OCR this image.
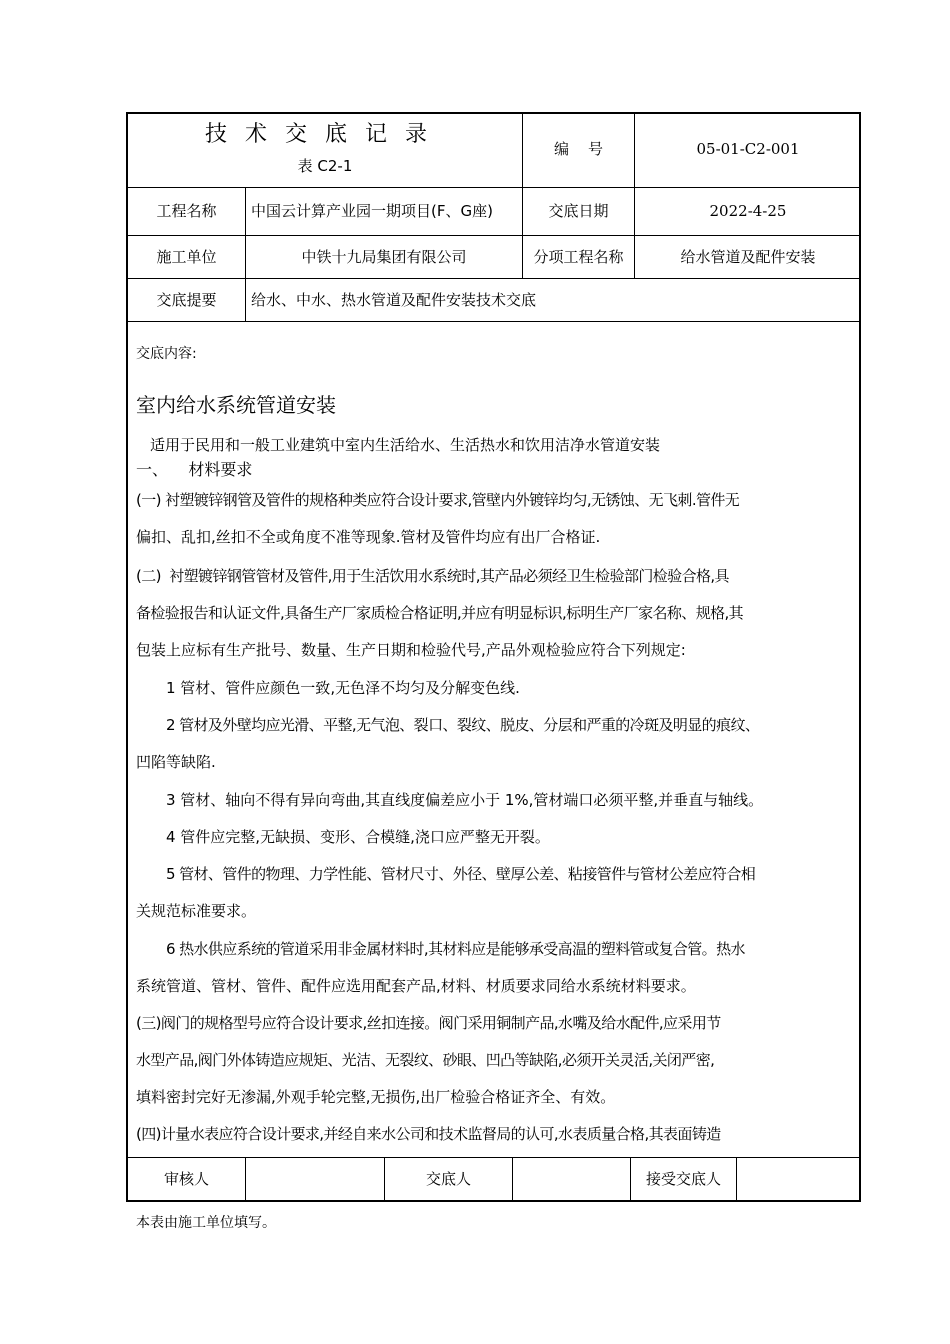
技术交底记录
表 C2-1
编    号	05-01-C2-001
工程名称	中国云计算产业园一期项目(F、G座)	交底日期	2022-4-25
施工单位	中铁十九局集团有限公司	分项工程名称	给水管道及配件安装
交底提要	给水、中水、热水管道及配件安装技术交底
交底内容:
室内给水系统管道安装
适用于民用和一般工业建筑中室内生活给水、生活热水和饮用洁净水管道安装
一、    材料要求
(一) 衬塑镀锌钢管及管件的规格种类应符合设计要求,管壁内外镀锌均匀,无锈蚀、无飞刺.管件无
偏扣、乱扣,丝扣不全或角度不准等现象.管材及管件均应有出厂合格证.
(二)  衬塑镀锌钢管管材及管件,用于生活饮用水系统时,其产品必须经卫生检验部门检验合格,具
备检验报告和认证文件,具备生产厂家质检合格证明,并应有明显标识,标明生产厂家名称、规格,其
包装上应标有生产批号、数量、生产日期和检验代号,产品外观检验应符合下列规定:
1 管材、管件应颜色一致,无色泽不均匀及分解变色线.
2 管材及外壁均应光滑、平整,无气泡、裂口、裂纹、脱皮、分层和严重的冷斑及明显的痕纹、
凹陷等缺陷.
3 管材、轴向不得有异向弯曲,其直线度偏差应小于 1%,管材端口必须平整,并垂直与轴线。
4 管件应完整,无缺损、变形、合模缝,浇口应严整无开裂。
5 管材、管件的物理、力学性能、管材尺寸、外径、壁厚公差、粘接管件与管材公差应符合相
关规范标准要求。
6 热水供应系统的管道采用非金属材料时,其材料应是能够承受高温的塑料管或复合管。热水
系统管道、管材、管件、配件应选用配套产品,材料、材质要求同给水系统材料要求。
(三)阀门的规格型号应符合设计要求,丝扣连接。阀门采用铜制产品,水嘴及给水配件,应采用节
水型产品,阀门外体铸造应规矩、光洁、无裂纹、砂眼、凹凸等缺陷,必须开关灵活,关闭严密,
填料密封完好无渗漏,外观手轮完整,无损伤,出厂检验合格证齐全、有效。
(四)计量水表应符合设计要求,并经自来水公司和技术监督局的认可,水表质量合格,其表面铸造
审核人	交底人	接受交底人
本表由施工单位填写。
